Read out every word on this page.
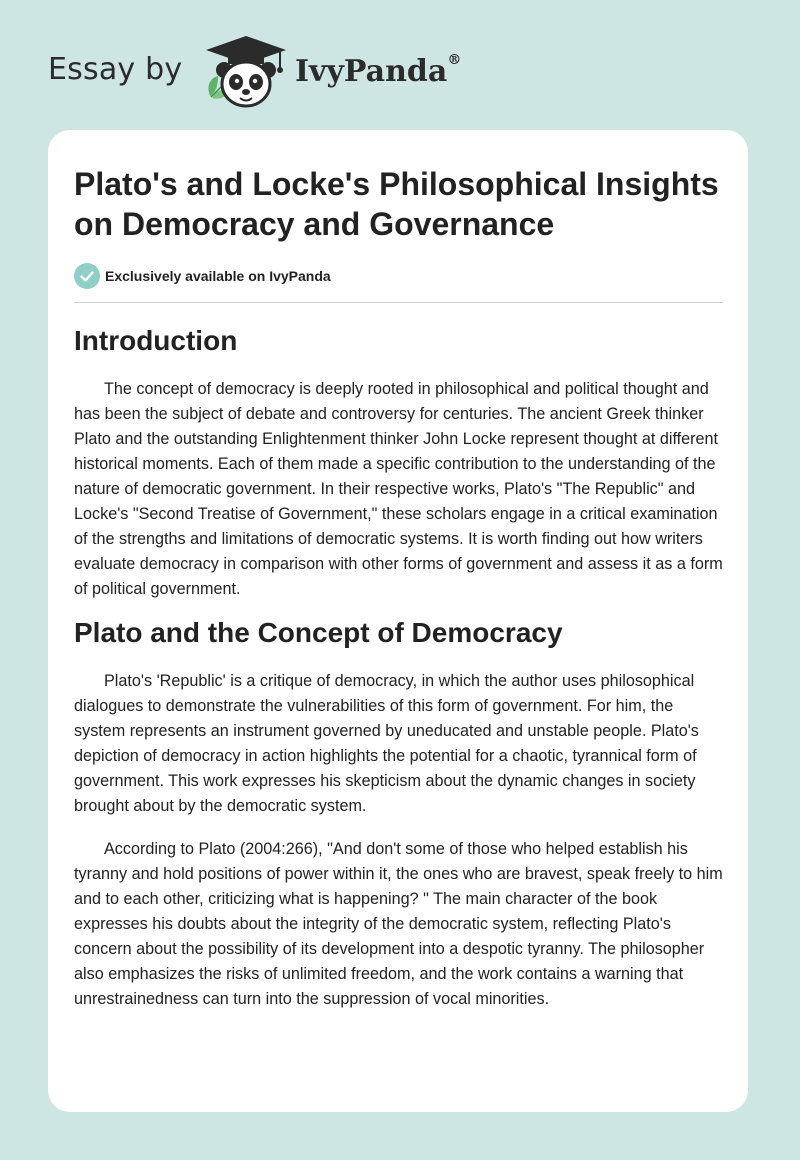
Essay by	IvyPanda®
Plato's and Locke's Philosophical Insights on Democracy and Governance
Exclusively available on IvyPanda
Introduction

The concept of democracy is deeply rooted in philosophical and political thought and has been the subject of debate and controversy for centuries. The ancient Greek thinker Plato and the outstanding Enlightenment thinker John Locke represent thought at different historical moments. Each of them made a specific contribution to the understanding of the nature of democratic government. In their respective works, Plato's "The Republic" and Locke's "Second Treatise of Government," these scholars engage in a critical examination of the strengths and limitations of democratic systems. It is worth finding out how writers evaluate democracy in comparison with other forms of government and assess it as a form of political government.

Plato and the Concept of Democracy

Plato's 'Republic' is a critique of democracy, in which the author uses philosophical dialogues to demonstrate the vulnerabilities of this form of government. For him, the system represents an instrument governed by uneducated and unstable people. Plato's depiction of democracy in action highlights the potential for a chaotic, tyrannical form of government. This work expresses his skepticism about the dynamic changes in society brought about by the democratic system.

According to Plato (2004:266), "And don't some of those who helped establish his tyranny and hold positions of power within it, the ones who are bravest, speak freely to him and to each other, criticizing what is happening? " The main character of the book expresses his doubts about the integrity of the democratic system, reflecting Plato's concern about the possibility of its development into a despotic tyranny. The philosopher also emphasizes the risks of unlimited freedom, and the work contains a warning that unrestrainedness can turn into the suppression of vocal minorities.
